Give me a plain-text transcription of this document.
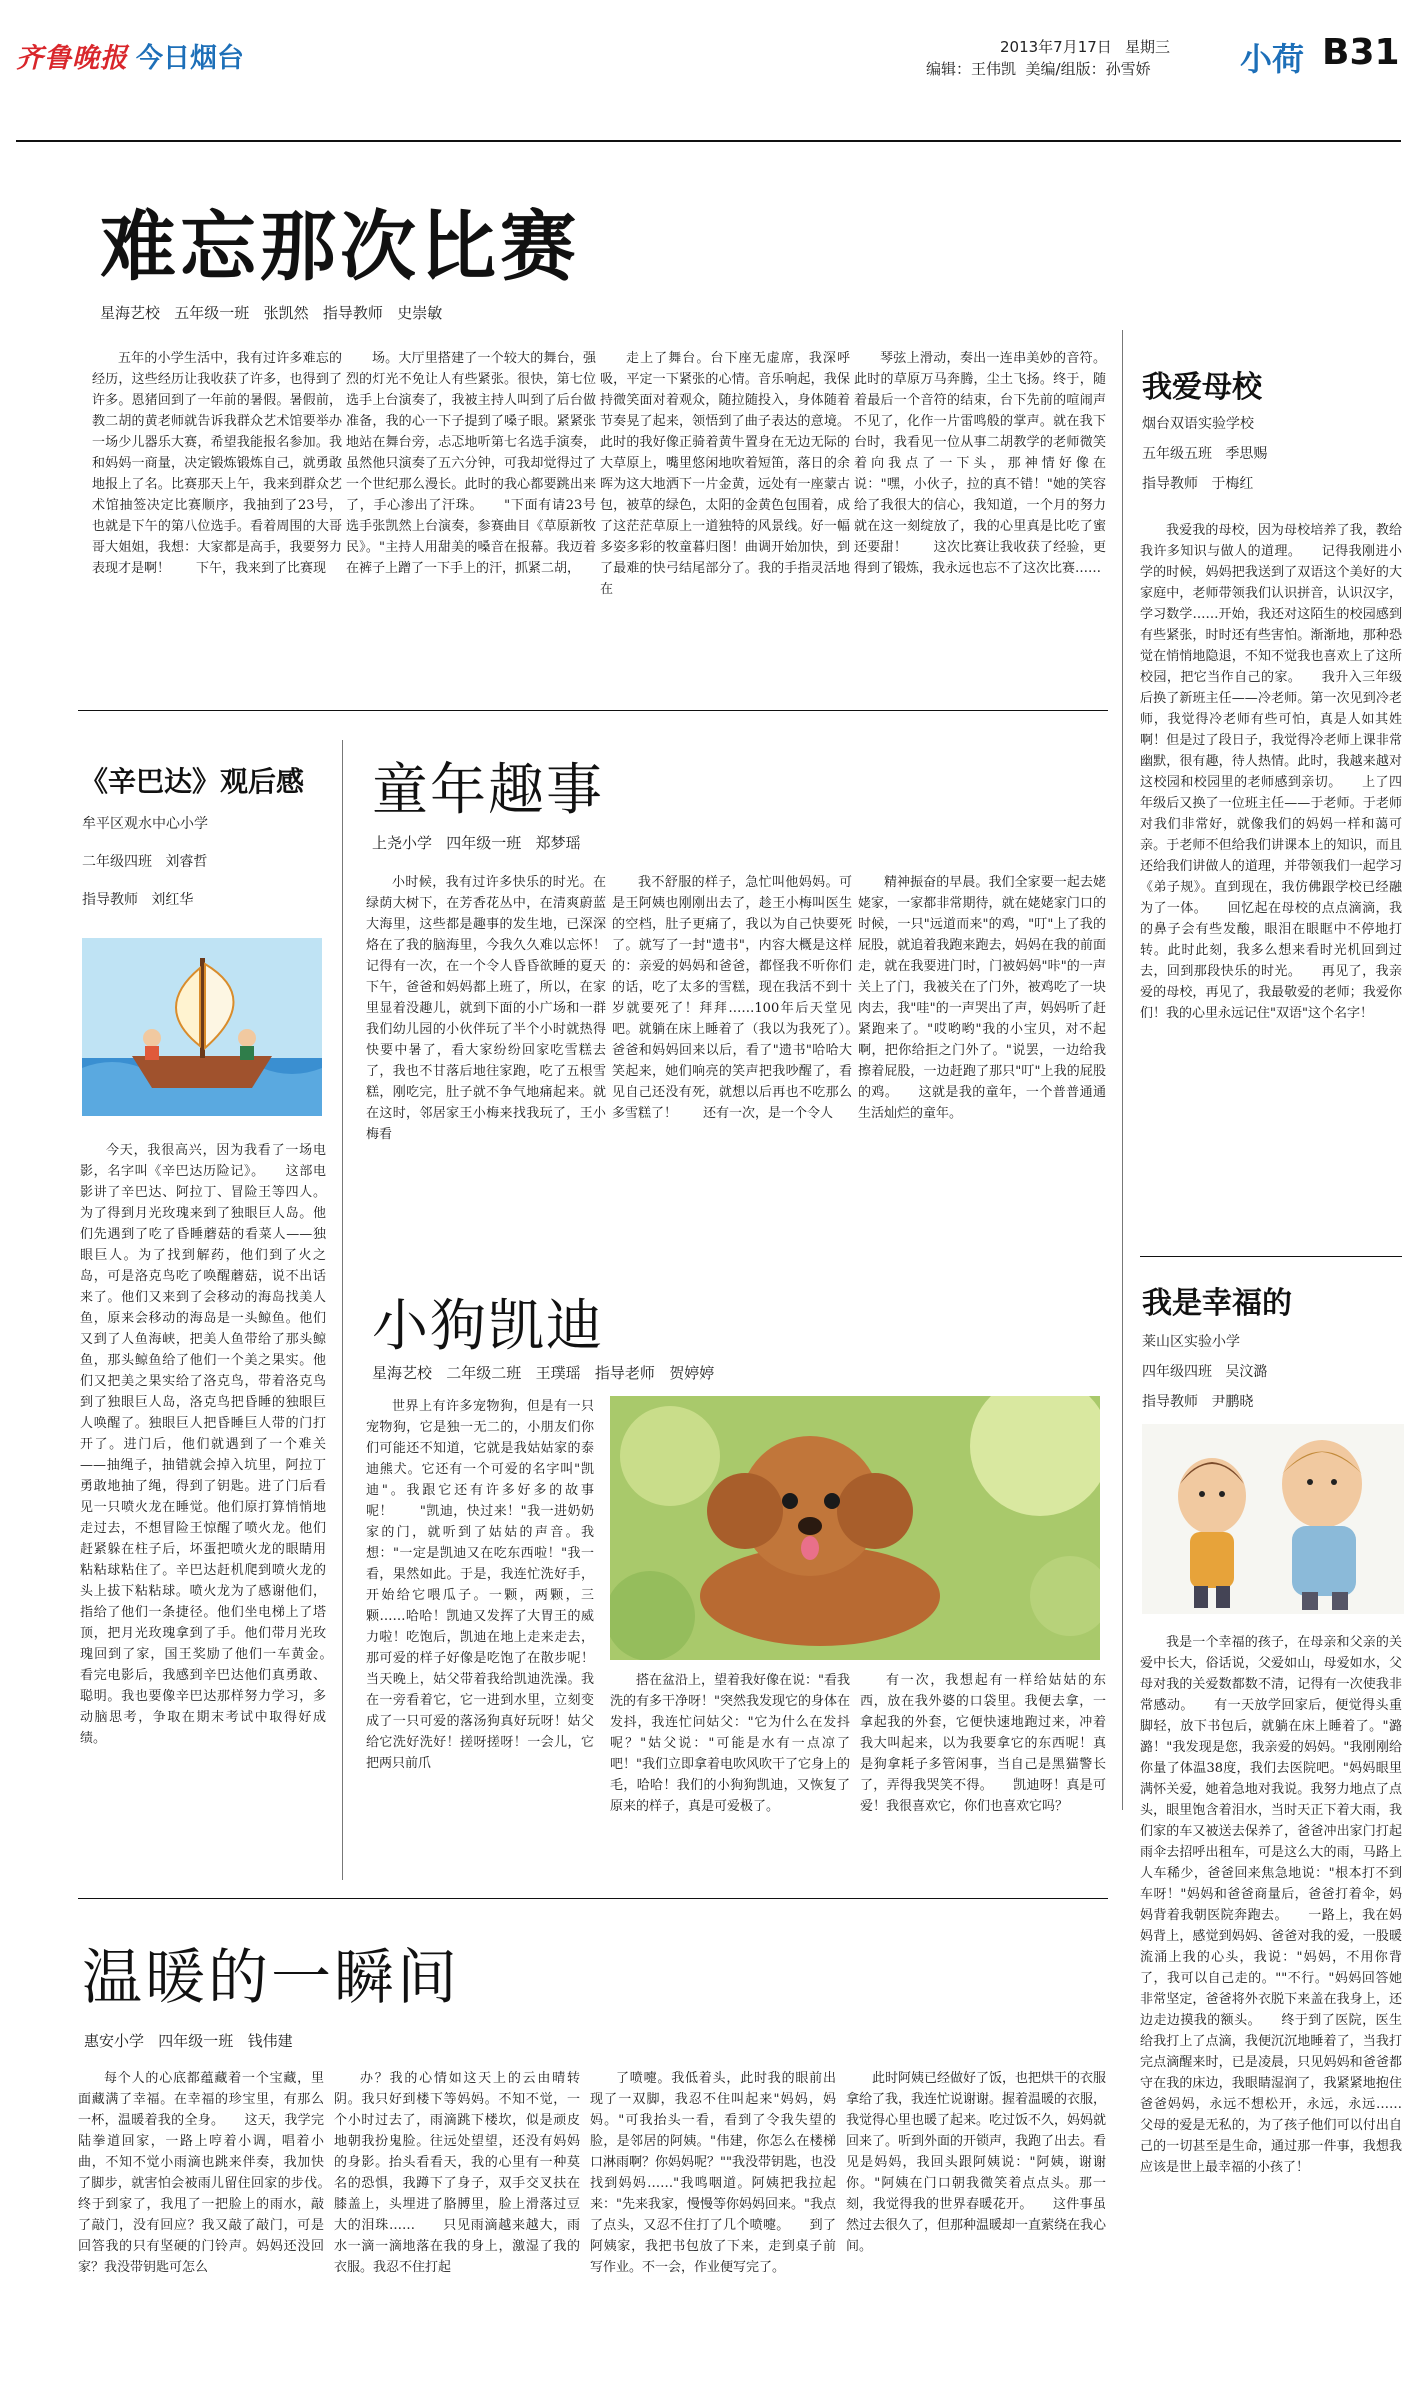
齐鲁晚报 今日烟台	2013年7月17日 星期三
编辑：王伟凯  美编/组版：孙雪娇	小荷 B31
难忘那次比赛
星海艺校   五年级一班   张凯然   指导教师   史崇敏

五年的小学生活中，我有过许多难忘的经历，这些经历让我收获了许多，也得到了许多。恩猪回到了一年前的暑假。暑假前，教二胡的黄老师就告诉我群众艺术馆要举办一场少儿器乐大赛，希望我能报名参加。我和妈妈一商量，决定锻炼锻炼自己，就勇敢地报上了名。比赛那天上午，我来到群众艺术馆抽签决定比赛顺序，我抽到了23号，也就是下午的第八位选手。看着周围的大哥哥大姐姐，我想：大家都是高手，我要努力表现才是啊！　　下午，我来到了比赛现

场。大厅里搭建了一个较大的舞台，强烈的灯光不免让人有些紧张。很快，第七位选手上台演奏了，我被主持人叫到了后台做准备，我的心一下子提到了嗓子眼。紧紧张地站在舞台旁，忐忑地听第七名选手演奏，虽然他只演奏了五六分钟，可我却觉得过了一个世纪那么漫长。此时的我心都要跳出来了，手心渗出了汗珠。　　"下面有请23号选手张凯然上台演奏，参赛曲目《草原新牧民》。"主持人用甜美的嗓音在报幕。我迈着在裤子上蹭了一下手上的汗，抓紧二胡，

走上了舞台。台下座无虚席，我深呼吸，平定一下紧张的心情。音乐响起，我保持微笑面对着观众，随拉随投入，身体随着节奏晃了起来，领悟到了曲子表达的意境。此时的我好像正骑着黄牛置身在无边无际的大草原上，嘴里悠闲地吹着短笛，落日的余晖为这大地洒下一片金黄，远处有一座蒙古包，被草的绿色，太阳的金黄色包围着，成了这茫茫草原上一道独特的风景线。好一幅多姿多彩的牧童暮归图！曲调开始加快，到了最难的快弓结尾部分了。我的手指灵活地在

琴弦上滑动，奏出一连串美妙的音符。此时的草原万马奔腾，尘土飞扬。终于，随着最后一个音符的结束，台下先前的喧闹声不见了，化作一片雷鸣般的掌声。就在我下台时，我看见一位从事二胡教学的老师微笑着向我点了一下头，那神情好像在说："嘿，小伙子，拉的真不错！"她的笑容给了我很大的信心，我知道，一个月的努力就在这一刻绽放了，我的心里真是比吃了蜜还要甜！　　这次比赛让我收获了经验，更得到了锻炼，我永远也忘不了这次比赛……

我爱母校
烟台双语实验学校
五年级五班   季思赐
指导教师   于梅红

我爱我的母校，因为母校培养了我，教给我许多知识与做人的道理。　　记得我刚进小学的时候，妈妈把我送到了双语这个美好的大家庭中，老师带领我们认识拼音，认识汉字，学习数学……开始，我还对这陌生的校园感到有些紧张，时时还有些害怕。渐渐地，那种恐觉在悄悄地隐退，不知不觉我也喜欢上了这所校园，把它当作自己的家。　　我升入三年级后换了新班主任——冷老师。第一次见到冷老师，我觉得冷老师有些可怕，真是人如其姓啊！但是过了段日子，我觉得冷老师上课非常幽默，很有趣，待人热情。此时，我越来越对这校园和校园里的老师感到亲切。　　上了四年级后又换了一位班主任——于老师。于老师对我们非常好，就像我们的妈妈一样和蔼可亲。于老师不但给我们讲课本上的知识，而且还给我们讲做人的道理，并带领我们一起学习《弟子规》。直到现在，我仿佛跟学校已经融为了一体。　　回忆起在母校的点点滴滴，我的鼻子会有些发酸，眼泪在眼眶中不停地打转。此时此刻，我多么想来看时光机回到过去，回到那段快乐的时光。　　再见了，我亲爱的母校，再见了，我最敬爱的老师；我爱你们！我的心里永远记住"双语"这个名字！

我是幸福的
莱山区实验小学
四年级四班   吴汶潞
指导教师   尹鹏晓

我是一个幸福的孩子，在母亲和父亲的关爱中长大，俗话说，父爱如山，母爱如水，父母对我的关爱数都数不清，记得有一次使我非常感动。　　有一天放学回家后，便觉得头重脚轻，放下书包后，就躺在床上睡着了。"潞潞！"我发现是您，我亲爱的妈妈。"我刚刚给你量了体温38度，我们去医院吧。"妈妈眼里满怀关爱，她着急地对我说。我努力地点了点头，眼里饱含着泪水，当时天正下着大雨，我们家的车又被送去保养了，爸爸冲出家门打起雨伞去招呼出租车，可是这么大的雨，马路上人车稀少，爸爸回来焦急地说："根本打不到车呀！"妈妈和爸爸商量后，爸爸打着伞，妈妈背着我朝医院奔跑去。　　一路上，我在妈妈背上，感觉到妈妈、爸爸对我的爱，一股暖流涌上我的心头，我说："妈妈，不用你背了，我可以自己走的。""不行。"妈妈回答她非常坚定，爸爸将外衣脱下来盖在我身上，还边走边摸我的额头。　　终于到了医院，医生给我打上了点滴，我便沉沉地睡着了，当我打完点滴醒来时，已是凌晨，只见妈妈和爸爸都守在我的床边，我眼睛湿润了，我紧紧地抱住爸爸妈妈，永远不想松开，永远，永远……　　父母的爱是无私的，为了孩子他们可以付出自己的一切甚至是生命，通过那一件事，我想我应该是世上最幸福的小孩了！

《辛巴达》观后感
牟平区观水中心小学
二年级四班   刘睿哲
指导教师   刘红华

今天，我很高兴，因为我看了一场电影，名字叫《辛巴达历险记》。　　这部电影讲了辛巴达、阿拉丁、冒险王等四人。为了得到月光玫瑰来到了独眼巨人岛。他们先遇到了吃了昏睡蘑菇的看菜人——独眼巨人。为了找到解药，他们到了火之岛，可是洛克鸟吃了唤醒蘑菇，说不出话来了。他们又来到了会移动的海岛找美人鱼，原来会移动的海岛是一头鲸鱼。他们又到了人鱼海峡，把美人鱼带给了那头鲸鱼，那头鲸鱼给了他们一个美之果实。他们又把美之果实给了洛克鸟，带着洛克鸟到了独眼巨人岛，洛克鸟把昏睡的独眼巨人唤醒了。独眼巨人把昏睡巨人带的门打开了。进门后，他们就遇到了一个难关——抽绳子，抽错就会掉入坑里，阿拉丁勇敢地抽了绳，得到了钥匙。进了门后看见一只喷火龙在睡觉。他们原打算悄悄地走过去，不想冒险王惊醒了喷火龙。他们赶紧躲在柱子后，坏蛋把喷火龙的眼睛用粘粘球粘住了。辛巴达赶机爬到喷火龙的头上拔下粘粘球。喷火龙为了感谢他们，指给了他们一条捷径。他们坐电梯上了塔顶，把月光玫瑰拿到了手。他们带月光玫瑰回到了家，国王奖励了他们一车黄金。　　看完电影后，我感到辛巴达他们真勇敢、聪明。我也要像辛巴达那样努力学习，多动脑思考，争取在期末考试中取得好成绩。

童年趣事
上尧小学   四年级一班   郑梦瑶

小时候，我有过许多快乐的时光。在绿荫大树下，在芳香花丛中，在清爽蔚蓝大海里，这些都是趣事的发生地，已深深烙在了我的脑海里，今我久久难以忘怀！　　记得有一次，在一个令人昏昏欲睡的夏天下午，爸爸和妈妈都上班了，所以，在家里显着没趣儿，就到下面的小广场和一群我们幼儿园的小伙伴玩了半个小时就热得快要中暑了，看大家纷纷回家吃雪糕去了，我也不甘落后地往家跑，吃了五根雪糕，刚吃完，肚子就不争气地痛起来。就在这时，邻居家王小梅来找我玩了，王小梅看

我不舒服的样子，急忙叫他妈妈。可是王阿姨也刚刚出去了，趁王小梅叫医生的空档，肚子更痛了，我以为自己快要死了。就写了一封"遗书"，内容大概是这样的：亲爱的妈妈和爸爸，都怪我不听你们的话，吃了太多的雪糕，现在我活不到十岁就要死了！拜拜……100年后天堂见吧。就躺在床上睡着了（我以为我死了）。　　爸爸和妈妈回来以后，看了"遗书"哈哈大笑起来，她们响亮的笑声把我吵醒了，看见自己还没有死，就想以后再也不吃那么多雪糕了！　　还有一次，是一个令人

精神振奋的早晨。我们全家要一起去姥姥家，一家都非常期待，就在姥姥家门口的时候，一只"远道而来"的鸡，"叮"上了我的屁股，就追着我跑来跑去，妈妈在我的前面走，就在我要进门时，门被妈妈"咔"的一声关上了门，我被关在了门外，被鸡吃了一块肉去，我"哇"的一声哭出了声，妈妈听了赶紧跑来了。"哎哟哟"我的小宝贝，对不起啊，把你给拒之门外了。"说罢，一边给我擦着屁股，一边赶跑了那只"叮"上我的屁股的鸡。　　这就是我的童年，一个普普通通生活灿烂的童年。

小狗凯迪
星海艺校   二年级二班   王璞瑶   指导老师   贺婷婷

世界上有许多宠物狗，但是有一只宠物狗，它是独一无二的，小朋友们你们可能还不知道，它就是我姑姑家的泰迪熊犬。它还有一个可爱的名字叫"凯迪"。我跟它还有许多好多的故事呢！　　"凯迪，快过来！"我一进奶奶家的门，就听到了姑姑的声音。我想："一定是凯迪又在吃东西啦！"我一看，果然如此。于是，我连忙洗好手，开始给它喂瓜子。一颗，两颗，三颗……哈哈！凯迪又发挥了大胃王的威力啦！吃饱后，凯迪在地上走来走去，那可爱的样子好像是吃饱了在散步呢！　　当天晚上，姑父带着我给凯迪洗澡。我在一旁看着它，它一进到水里，立刻变成了一只可爱的落汤狗真好玩呀！姑父给它洗好洗好！搓呀搓呀！一会儿，它把两只前爪

搭在盆沿上，望着我好像在说："看我洗的有多干净呀！"突然我发现它的身体在发抖，我连忙问姑父："它为什么在发抖呢？"姑父说："可能是水有一点凉了吧！"我们立即拿着电吹风吹干了它身上的毛，哈哈！我们的小狗狗凯迪，又恢复了原来的样子，真是可爱极了。

有一次，我想起有一样给姑姑的东西，放在我外婆的口袋里。我便去拿，一拿起我的外套，它便快速地跑过来，冲着我大叫起来，以为我要拿它的东西呢！真是狗拿耗子多管闲事，当自己是黑猫警长了，弄得我哭笑不得。　　凯迪呀！真是可爱！我很喜欢它，你们也喜欢它吗？

温暖的一瞬间
惠安小学   四年级一班   钱伟建

每个人的心底都蕴藏着一个宝藏，里面藏满了幸福。在幸福的珍宝里，有那么一杯，温暖着我的全身。　　这天，我学完陆拳道回家，一路上哼着小调，唱着小曲，不知不觉小雨滴也跳来伴奏，我加快了脚步，就害怕会被雨儿留住回家的步伐。　　终于到家了，我甩了一把脸上的雨水，敲了敲门，没有回应？我又敲了敲门，可是回答我的只有坚硬的门铃声。妈妈还没回家？我没带钥匙可怎么

办？我的心情如这天上的云由晴转阴。我只好到楼下等妈妈。不知不觉，一个小时过去了，雨滴跳下楼坎，似是顽皮地朝我扮鬼脸。往远处望望，还没有妈妈的身影。抬头看看天，我的心里有一种莫名的恐惧，我蹲下了身子，双手交叉扶在膝盖上，头埋进了胳膊里，脸上滑落过豆大的泪珠……　　只见雨滴越来越大，雨水一滴一滴地落在我的身上，激湿了我的衣服。我忍不住打起

了喷嚏。我低着头，此时我的眼前出现了一双脚，我忍不住叫起来"妈妈，妈妈。"可我抬头一看，看到了令我失望的脸，是邻居的阿姨。"伟建，你怎么在楼梯口淋雨啊？你妈妈呢？""我没带钥匙，也没找到妈妈……"我鸣咽道。阿姨把我拉起来："先来我家，慢慢等你妈妈回来。"我点了点头，又忍不住打了几个喷嚏。　　到了阿姨家，我把书包放了下来，走到桌子前写作业。不一会，作业便写完了。

此时阿姨已经做好了饭，也把烘干的衣服拿给了我，我连忙说谢谢。握着温暖的衣服，我觉得心里也暖了起来。吃过饭不久，妈妈就回来了。听到外面的开锁声，我跑了出去。看见是妈妈，我回头跟阿姨说："阿姨，谢谢你。"阿姨在门口朝我微笑着点点头。那一刻，我觉得我的世界春暖花开。　　这件事虽然过去很久了，但那种温暖却一直萦绕在我心间。
